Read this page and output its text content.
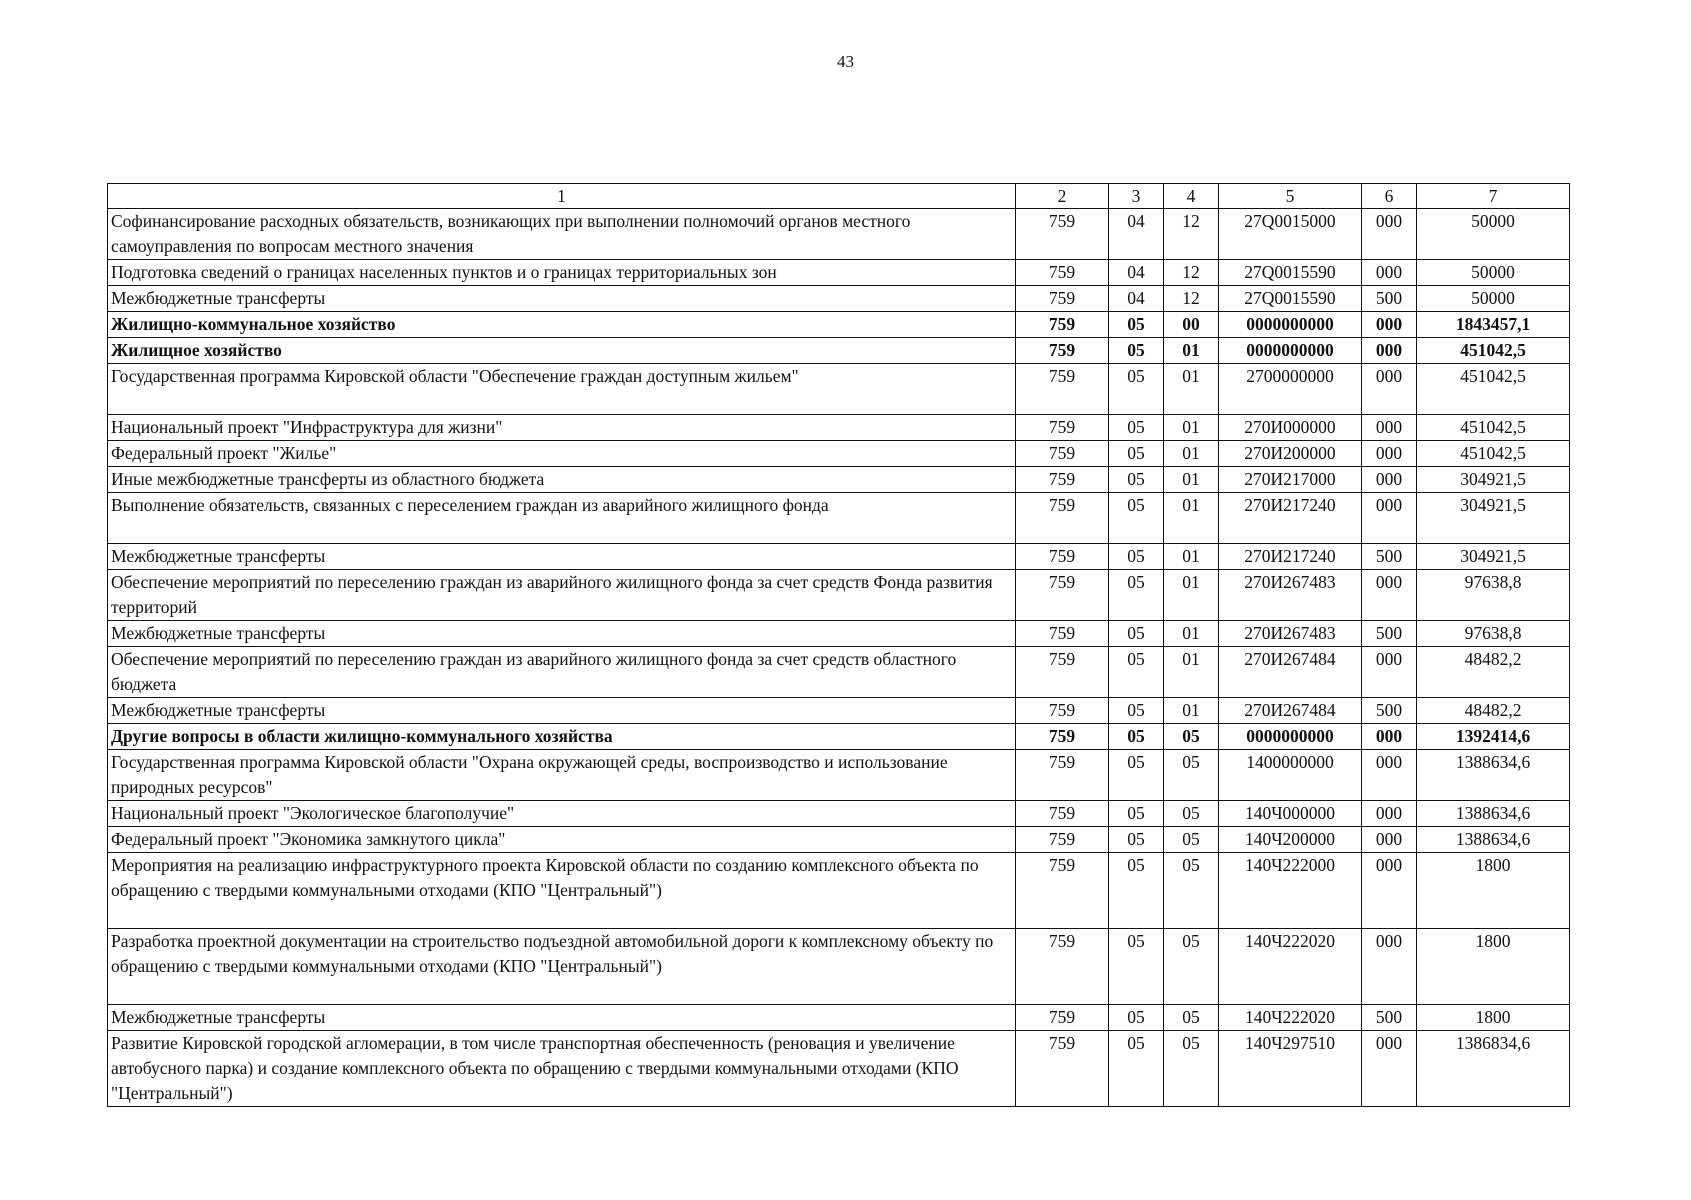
43
1	2	3	4	5	6	7
Софинансирование расходных обязательств, возникающих при выполнении полномочий органов местного самоуправления по вопросам местного значения	759	04	12	27Q0015000	000	50000
Подготовка сведений о границах населенных пунктов и о границах территориальных зон	759	04	12	27Q0015590	000	50000
Межбюджетные трансферты	759	04	12	27Q0015590	500	50000
Жилищно-коммунальное хозяйство	759	05	00	0000000000	000	1843457,1
Жилищное хозяйство	759	05	01	0000000000	000	451042,5
Государственная программа Кировской области "Обеспечение граждан доступным жильем"	759	05	01	2700000000	000	451042,5
Национальный проект "Инфраструктура для жизни"	759	05	01	270И000000	000	451042,5
Федеральный проект "Жилье"	759	05	01	270И200000	000	451042,5
Иные межбюджетные трансферты из областного бюджета	759	05	01	270И217000	000	304921,5
Выполнение обязательств, связанных с переселением граждан из аварийного жилищного фонда	759	05	01	270И217240	000	304921,5
Межбюджетные трансферты	759	05	01	270И217240	500	304921,5
Обеспечение мероприятий по переселению граждан из аварийного жилищного фонда за счет средств Фонда развития территорий	759	05	01	270И267483	000	97638,8
Межбюджетные трансферты	759	05	01	270И267483	500	97638,8
Обеспечение мероприятий по переселению граждан из аварийного жилищного фонда за счет средств областного бюджета	759	05	01	270И267484	000	48482,2
Межбюджетные трансферты	759	05	01	270И267484	500	48482,2
Другие вопросы в области жилищно-коммунального хозяйства	759	05	05	0000000000	000	1392414,6
Государственная программа Кировской области "Охрана окружающей среды, воспроизводство и использование природных ресурсов"	759	05	05	1400000000	000	1388634,6
Национальный проект "Экологическое благополучие"	759	05	05	140Ч000000	000	1388634,6
Федеральный проект "Экономика замкнутого цикла"	759	05	05	140Ч200000	000	1388634,6
Мероприятия на реализацию инфраструктурного проекта Кировской области по созданию комплексного объекта по обращению с твердыми коммунальными отходами (КПО "Центральный")	759	05	05	140Ч222000	000	1800
Разработка проектной документации на строительство подъездной автомобильной дороги к комплексному объекту по обращению с твердыми коммунальными отходами (КПО "Центральный")	759	05	05	140Ч222020	000	1800
Межбюджетные трансферты	759	05	05	140Ч222020	500	1800
Развитие Кировской городской агломерации, в том числе транспортная обеспеченность (реновация и увеличение автобусного парка) и создание комплексного объекта по обращению с твердыми коммунальными отходами (КПО "Центральный")	759	05	05	140Ч297510	000	1386834,6
